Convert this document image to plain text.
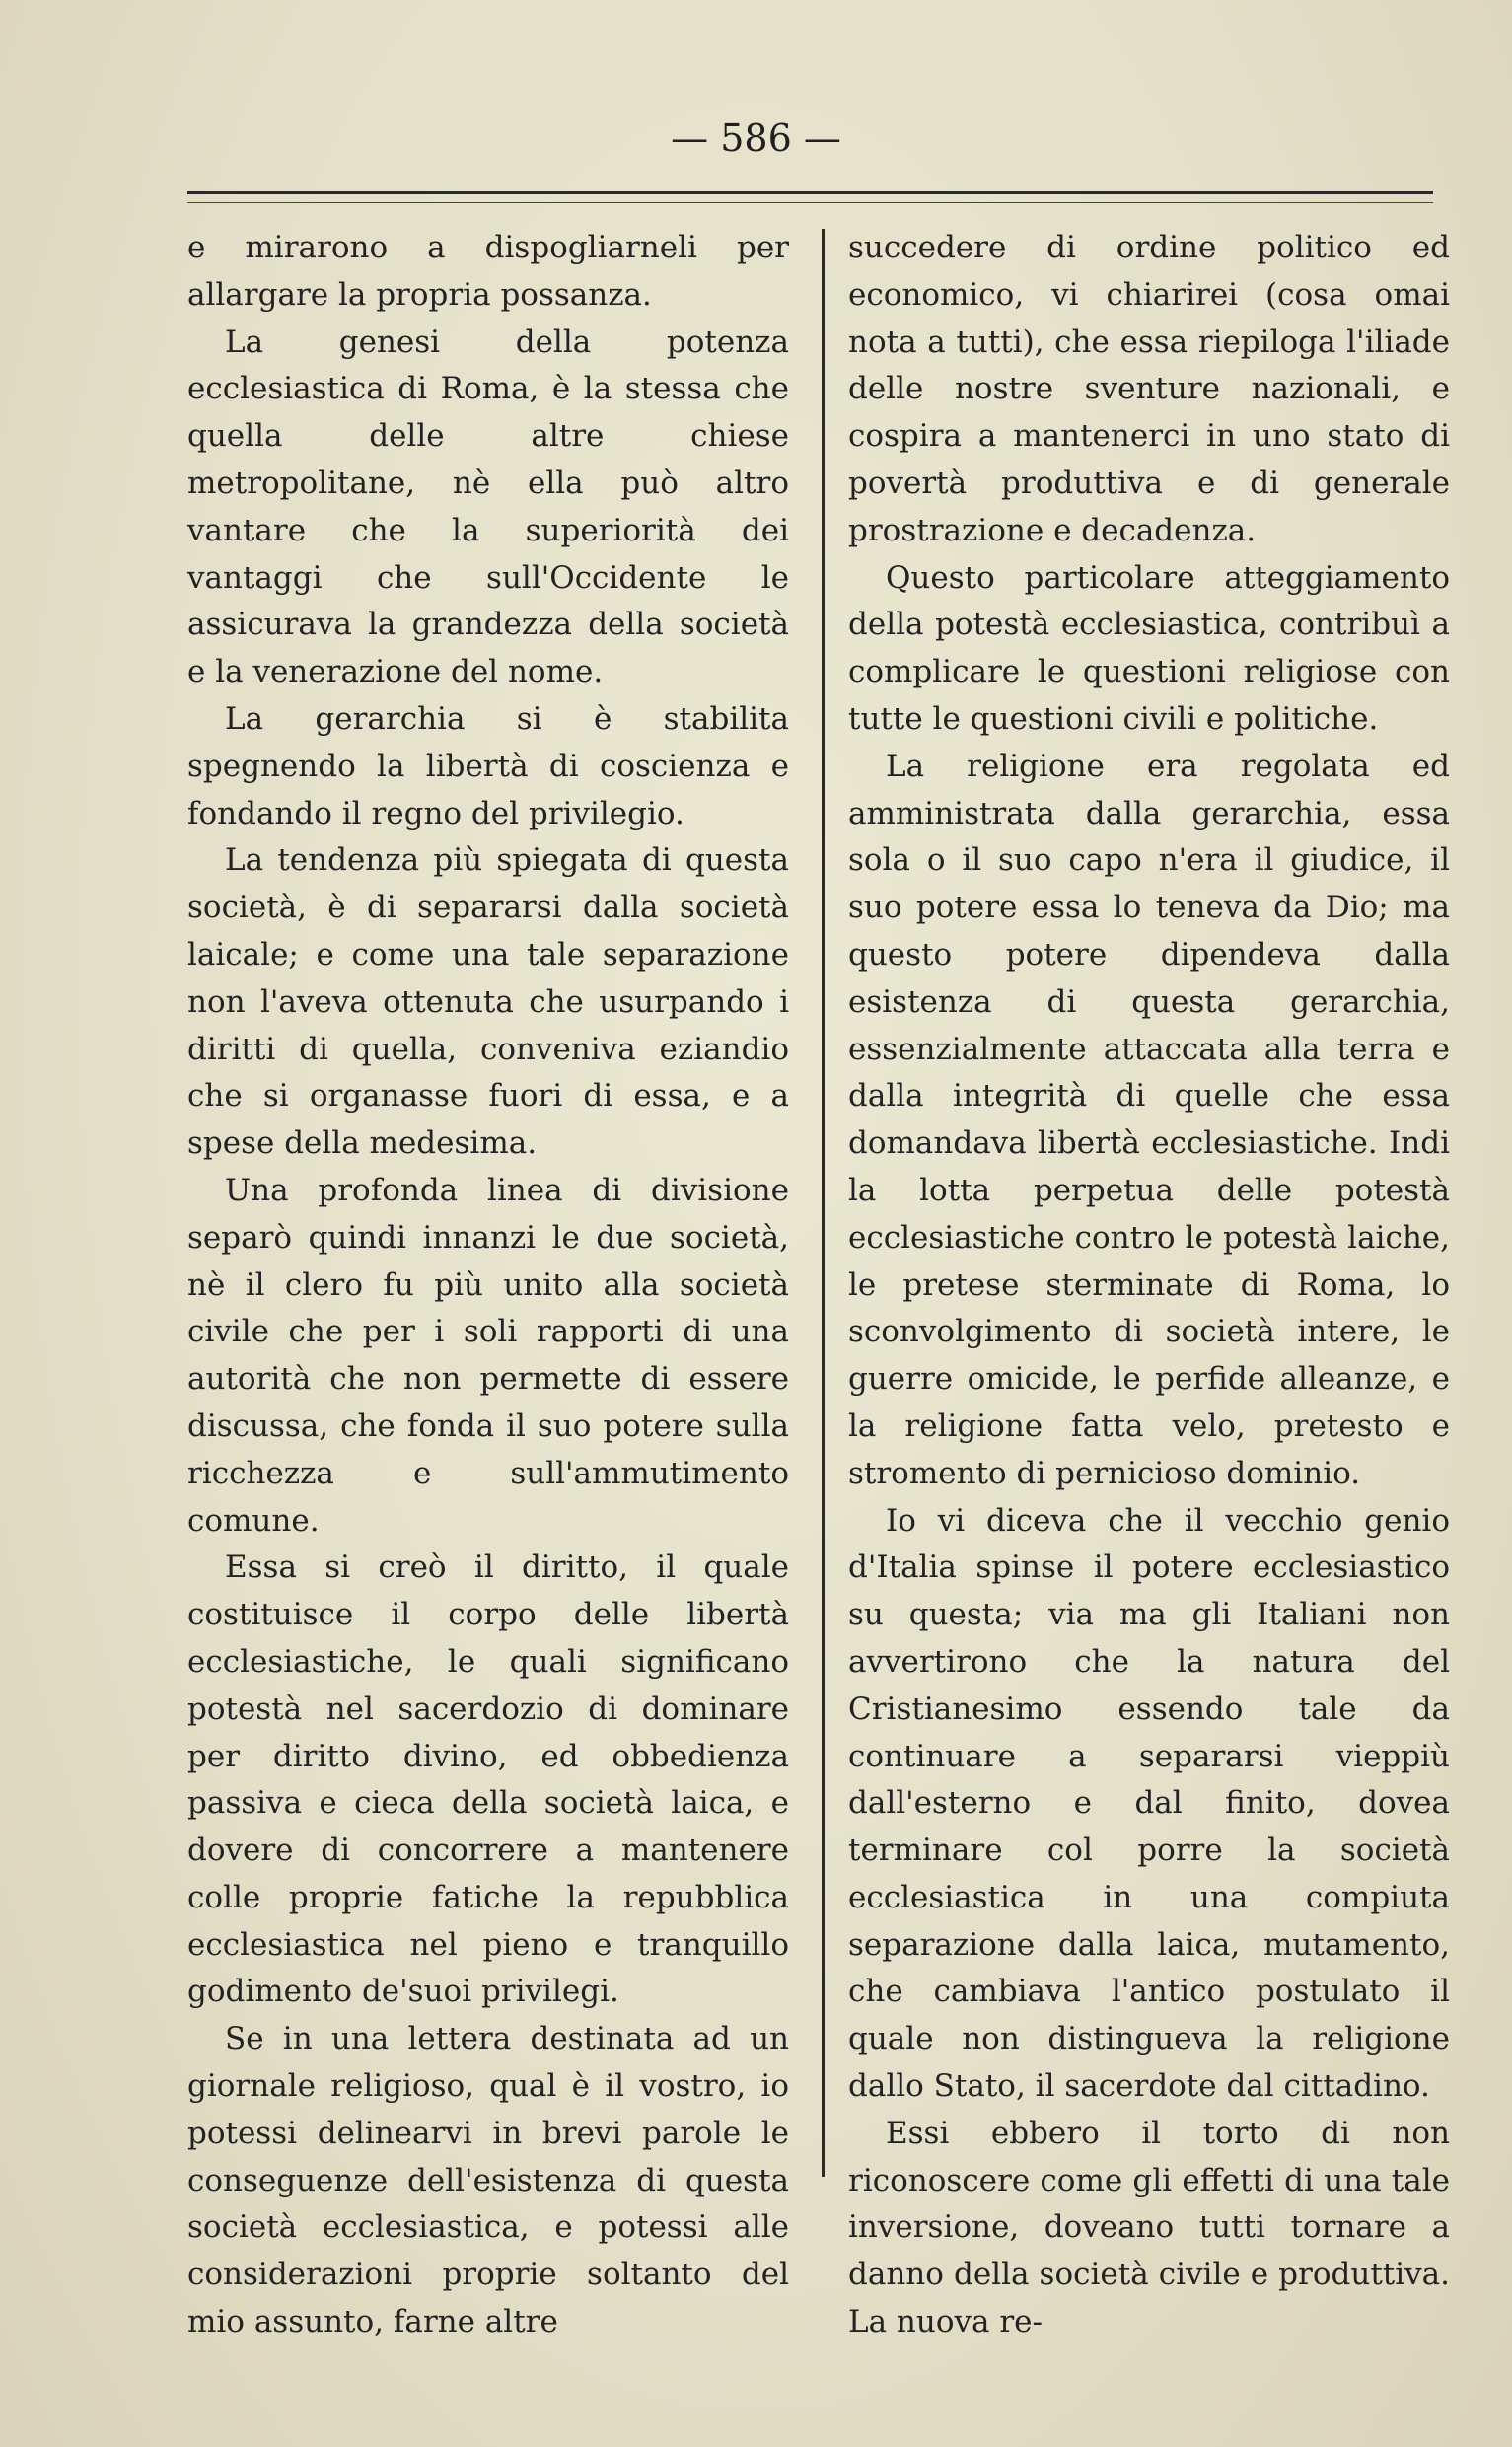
— 586 —

e mirarono a dispogliarneli per allargare la propria possanza.

La genesi della potenza ecclesiastica di Roma, è la stessa che quella delle altre chiese metropolitane, nè ella può altro vantare che la superiorità dei vantaggi che sull'Occidente le assicurava la grandezza della società e la venerazione del nome.

La gerarchia si è stabilita spegnendo la libertà di coscienza e fondando il regno del privilegio.

La tendenza più spiegata di questa società, è di separarsi dalla società laicale; e come una tale separazione non l'aveva ottenuta che usurpando i diritti di quella, conveniva eziandio che si organasse fuori di essa, e a spese della medesima.

Una profonda linea di divisione separò quindi innanzi le due società, nè il clero fu più unito alla società civile che per i soli rapporti di una autorità che non permette di essere discussa, che fonda il suo potere sulla ricchezza e sull'ammutimento comune.

Essa si creò il diritto, il quale costituisce il corpo delle libertà ecclesiastiche, le quali significano potestà nel sacerdozio di dominare per diritto divino, ed obbedienza passiva e cieca della società laica, e dovere di concorrere a mantenere colle proprie fatiche la repubblica ecclesiastica nel pieno e tranquillo godimento de'suoi privilegi.

Se in una lettera destinata ad un giornale religioso, qual è il vostro, io potessi delinearvi in brevi parole le conseguenze dell'esistenza di questa società ecclesiastica, e potessi alle considerazioni proprie soltanto del mio assunto, farne altre

succedere di ordine politico ed economico, vi chiarirei (cosa omai nota a tutti), che essa riepiloga l'iliade delle nostre sventure nazionali, e cospira a mantenerci in uno stato di povertà produttiva e di generale prostrazione e decadenza.

Questo particolare atteggiamento della potestà ecclesiastica, contribuì a complicare le questioni religiose con tutte le questioni civili e politiche.

La religione era regolata ed amministrata dalla gerarchia, essa sola o il suo capo n'era il giudice, il suo potere essa lo teneva da Dio; ma questo potere dipendeva dalla esistenza di questa gerarchia, essenzialmente attaccata alla terra e dalla integrità di quelle che essa domandava libertà ecclesiastiche. Indi la lotta perpetua delle potestà ecclesiastiche contro le potestà laiche, le pretese sterminate di Roma, lo sconvolgimento di società intere, le guerre omicide, le perfide alleanze, e la religione fatta velo, pretesto e stromento di pernicioso dominio.

Io vi diceva che il vecchio genio d'Italia spinse il potere ecclesiastico su questa; via ma gli Italiani non avvertirono che la natura del Cristianesimo essendo tale da continuare a separarsi vieppiù dall'esterno e dal finito, dovea terminare col porre la società ecclesiastica in una compiuta separazione dalla laica, mutamento, che cambiava l'antico postulato il quale non distingueva la religione dallo Stato, il sacerdote dal cittadino.

Essi ebbero il torto di non riconoscere come gli effetti di una tale inversione, doveano tutti tornare a danno della società civile e produttiva. La nuova re-
